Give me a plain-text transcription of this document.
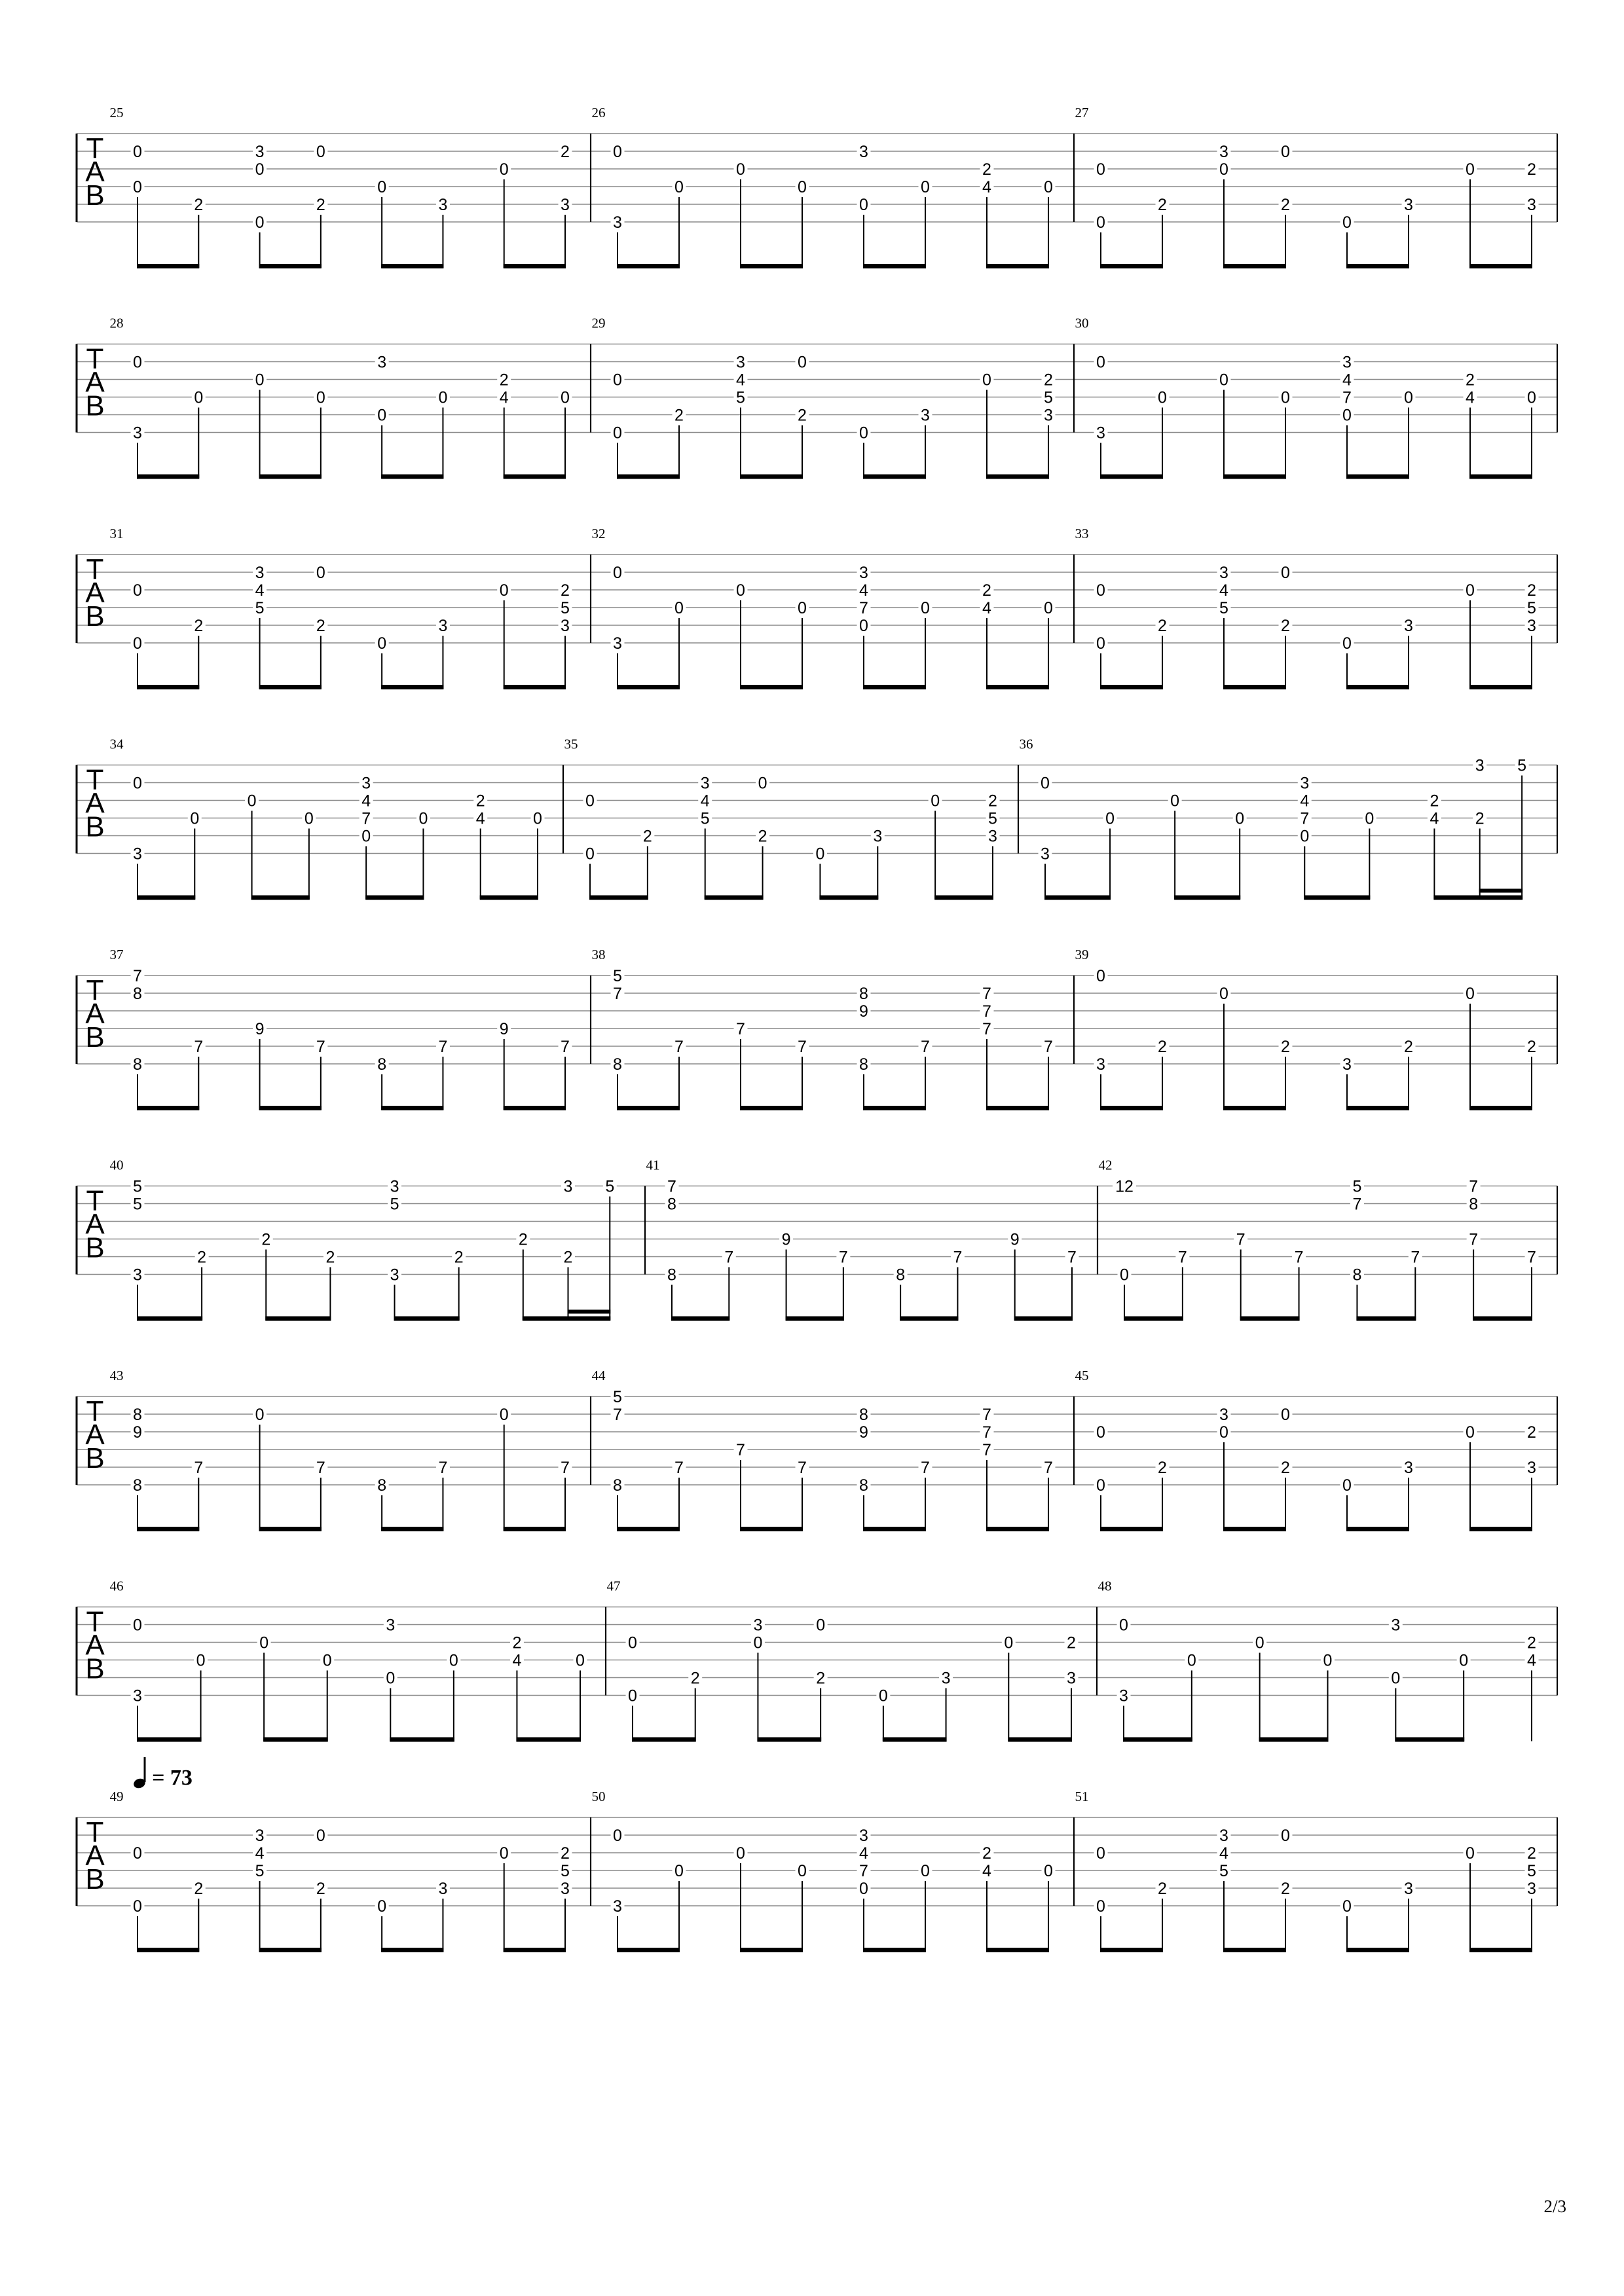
T
A
B
25
0
0
2
3
0
0
2
0
0
3
0
2
3
26
0
3
0
0
0
3
0
0
2
4	0
27
0
0
2
3
0
0
2
0
3
0	2
3
T
A
B
28
0
3
0
0
0
3
0
0
2
4	0
29
0
0
2
3
4
5
0
2
0
3
0	2
5
3
30
0
3
0
0
0
3
4
7
0
0
2
4	0
T
A
B
31
0
0
2
3
4
5
0
2
0
3
0	2
5
3
32
0
3
0
0
0
3
4
7
0
0
2
4	0
33
0
0
2
3
4
5
0
2
0
3
0	2
5
3
T
A
B
34
0
3
0
0
0
3
4
7
0
0
2
4	0
35
0
0
2
3
4
5
0
2
0
3
0	2
5
3
36
0
3
0
0
0
3
4
7
0
0
2
4
3
2
5
T
A
B
37
7
8
8
7
9
7
8
7
9
7
38
5
7
8
7
7
7
8
9
8
7
7
7
7
7
39
0
3
2
0
2
3
2
0
2
T
A
B
40
5
5
3
2
2
2
3
5
3
2
2
3
2
5
41
7
8
8
7
9
7
8
7
9
7
42
12
0
7
7
7
5
7
8
7
7
8
7
7
T
A
B
43
8
9
8
7
0
7
8
7
0
7
44
5
7
8
7
7
7
8
9
8
7
7
7
7
7
45
0
0
2
3
0
0
2
0
3
0	2
3
T
A
B
46
0
3
0
0
0
3
0
0
2
4	0
47
0
0
2
3
0
0
2
0
3
0	2
3
48
0
3
0
0
0
3
0
0
2
4
T
A
B
= 73
49
0
0
2
3
4
5
0
2
0
3
0	2
5
3
50
0
3
0
0
0
3
4
7
0
0
2
4	0
51
0
0
2
3
4
5
0
2
0
3
0	2
5
3
2/3
